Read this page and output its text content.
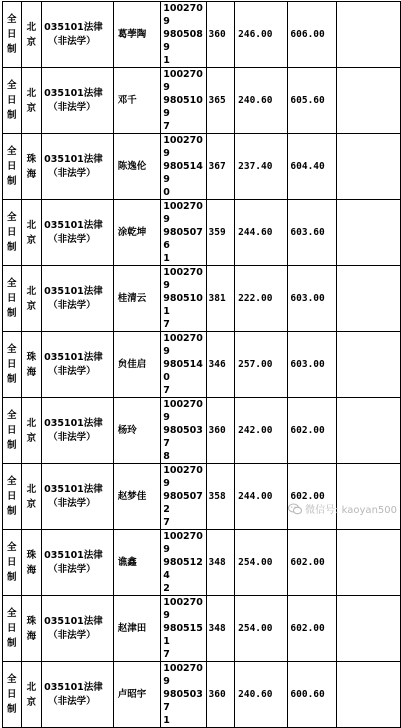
全
日
制	北
京	035101法律
（非法学）	葛荸陶	1002709
9805089
1	360	246.00	606.00	

全
日
制	北
京	035101法律
（非法学）	邓千	1002709
9805109
7	365	240.60	605.60	

全
日
制	珠
海	035101法律
（非法学）	陈逸伦	1002709
9805149
0	367	237.40	604.40	

全
日
制	北
京	035101法律
（非法学）	涂乾坤	1002709
9805076
1	359	244.60	603.60	

全
日
制	北
京	035101法律
（非法学）	桂清云	1002709
9805101
7	381	222.00	603.00	

全
日
制	珠
海	035101法律
（非法学）	贠佳启	1002709
9805140
7	346	257.00	603.00	

全
日
制	北
京	035101法律
（非法学）	杨玲	1002709
9805037
8	360	242.00	602.00	

全
日
制	北
京	035101法律
（非法学）	赵梦佳	1002709
9805072
7	358	244.00	602.00	

全
日
制	珠
海	035101法律
（非法学）	谯鑫	1002709
9805124
2	348	254.00	602.00	

全
日
制	珠
海	035101法律
（非法学）	赵津田	1002709
9805151
7	348	254.00	602.00	

全
日
制	北
京	035101法律
（非法学）	卢昭宇	1002709
9805037
1	360	240.60	600.60	
微信号: kaoyan500
